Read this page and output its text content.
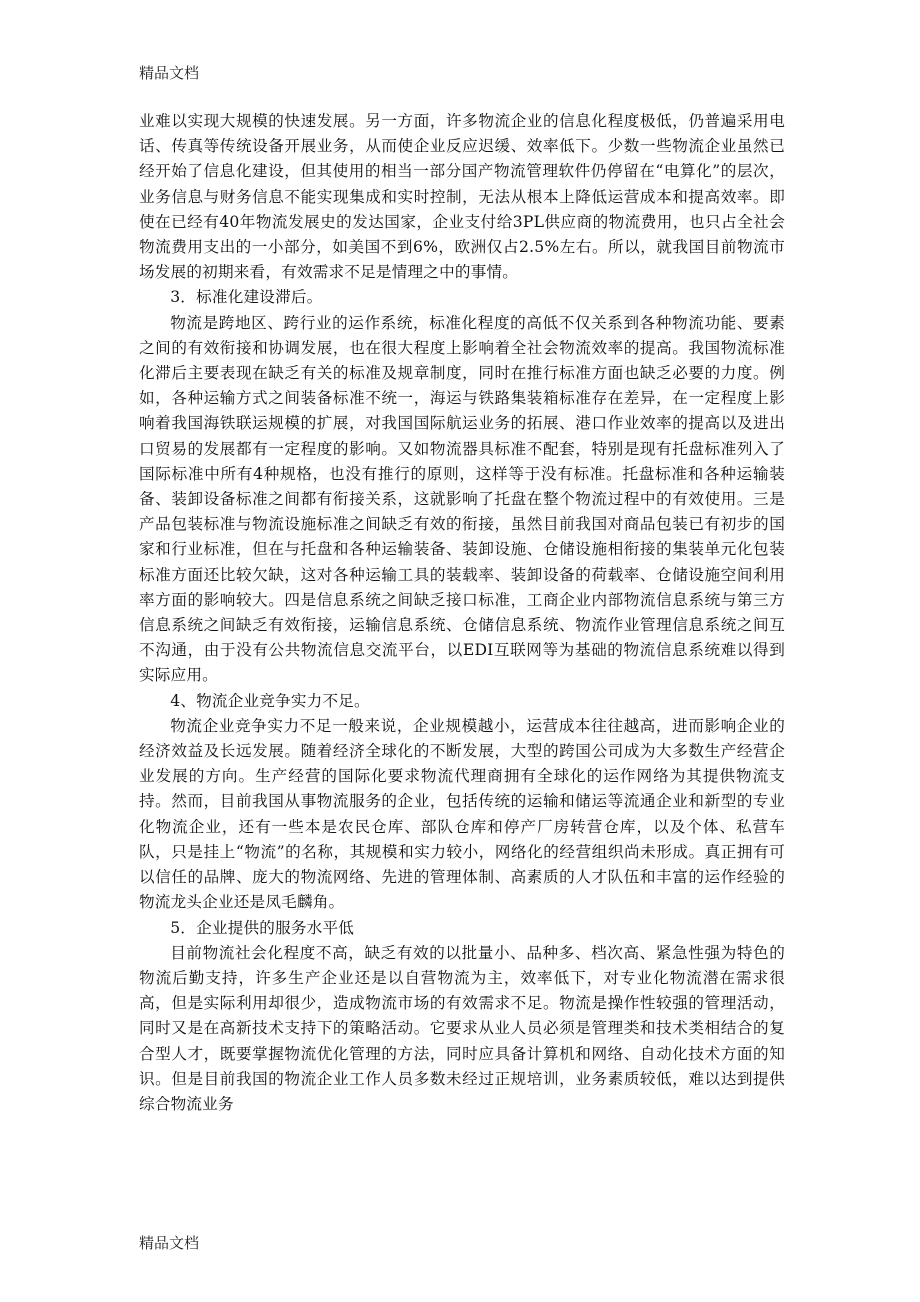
精品文档

业难以实现大规模的快速发展。另一方面，许多物流企业的信息化程度极低，仍普遍采用电话、传真等传统设备开展业务，从而使企业反应迟缓、效率低下。少数一些物流企业虽然已经开始了信息化建设，但其使用的相当一部分国产物流管理软件仍停留在“电算化”的层次，业务信息与财务信息不能实现集成和实时控制，无法从根本上降低运营成本和提高效率。即使在已经有40年物流发展史的发达国家，企业支付给3PL供应商的物流费用，也只占全社会物流费用支出的一小部分，如美国不到6%，欧洲仅占2.5%左右。所以，就我国目前物流市场发展的初期来看，有效需求不足是情理之中的事情。

3．标准化建设滞后。

物流是跨地区、跨行业的运作系统，标准化程度的高低不仅关系到各种物流功能、要素之间的有效衔接和协调发展，也在很大程度上影响着全社会物流效率的提高。我国物流标准化滞后主要表现在缺乏有关的标准及规章制度，同时在推行标准方面也缺乏必要的力度。例如，各种运输方式之间装备标准不统一，海运与铁路集装箱标准存在差异，在一定程度上影响着我国海铁联运规模的扩展，对我国国际航运业务的拓展、港口作业效率的提高以及进出口贸易的发展都有一定程度的影响。又如物流器具标准不配套，特别是现有托盘标准列入了国际标准中所有4种规格，也没有推行的原则，这样等于没有标准。托盘标准和各种运输装备、装卸设备标准之间都有衔接关系，这就影响了托盘在整个物流过程中的有效使用。三是产品包装标准与物流设施标准之间缺乏有效的衔接，虽然目前我国对商品包装已有初步的国家和行业标准，但在与托盘和各种运输装备、装卸设施、仓储设施相衔接的集装单元化包装标准方面还比较欠缺，这对各种运输工具的装载率、装卸设备的荷载率、仓储设施空间利用率方面的影响较大。四是信息系统之间缺乏接口标准，工商企业内部物流信息系统与第三方信息系统之间缺乏有效衔接，运输信息系统、仓储信息系统、物流作业管理信息系统之间互不沟通，由于没有公共物流信息交流平台，以EDI互联网等为基础的物流信息系统难以得到实际应用。

4、物流企业竞争实力不足。

物流企业竞争实力不足一般来说，企业规模越小，运营成本往往越高，进而影响企业的经济效益及长远发展。随着经济全球化的不断发展，大型的跨国公司成为大多数生产经营企业发展的方向。生产经营的国际化要求物流代理商拥有全球化的运作网络为其提供物流支持。然而，目前我国从事物流服务的企业，包括传统的运输和储运等流通企业和新型的专业化物流企业，还有一些本是农民仓库、部队仓库和停产厂房转营仓库，以及个体、私营车队，只是挂上“物流”的名称，其规模和实力较小，网络化的经营组织尚未形成。真正拥有可以信任的品牌、庞大的物流网络、先进的管理体制、高素质的人才队伍和丰富的运作经验的物流龙头企业还是凤毛麟角。

5．企业提供的服务水平低

目前物流社会化程度不高，缺乏有效的以批量小、品种多、档次高、紧急性强为特色的物流后勤支持，许多生产企业还是以自营物流为主，效率低下，对专业化物流潜在需求很高，但是实际利用却很少，造成物流市场的有效需求不足。物流是操作性较强的管理活动，同时又是在高新技术支持下的策略活动。它要求从业人员必须是管理类和技术类相结合的复合型人才，既要掌握物流优化管理的方法，同时应具备计算机和网络、自动化技术方面的知识。但是目前我国的物流企业工作人员多数未经过正规培训，业务素质较低，难以达到提供综合物流业务

精品文档
